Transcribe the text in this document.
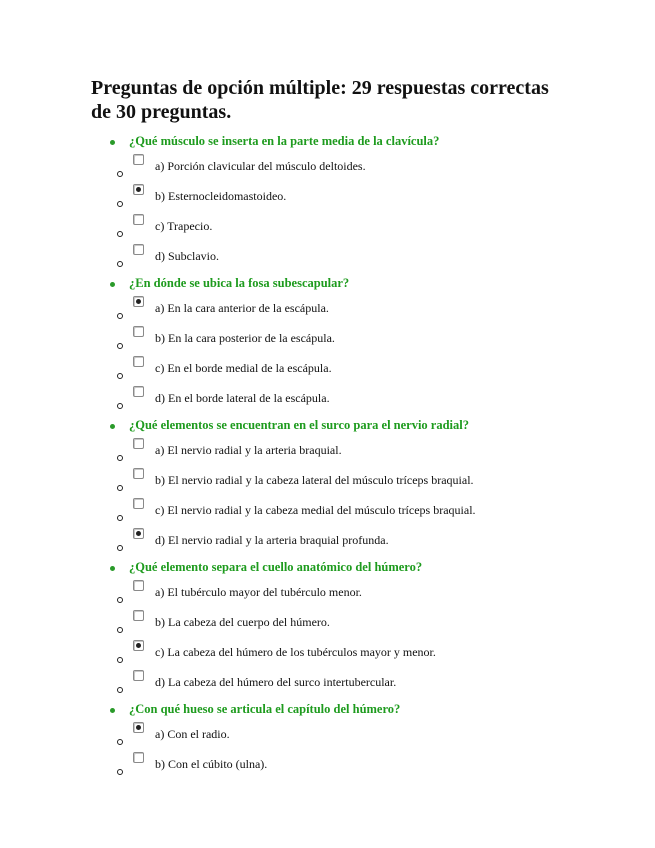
Preguntas de opción múltiple: 29 respuestas correctas de 30 preguntas.
¿Qué músculo se inserta en la parte media de la clavícula?
a) Porción clavicular del músculo deltoides.
b) Esternocleidomastoideo.
c) Trapecio.
d) Subclavio.
¿En dónde se ubica la fosa subescapular?
a) En la cara anterior de la escápula.
b) En la cara posterior de la escápula.
c) En el borde medial de la escápula.
d) En el borde lateral de la escápula.
¿Qué elementos se encuentran en el surco para el nervio radial?
a) El nervio radial y la arteria braquial.
b) El nervio radial y la cabeza lateral del músculo tríceps braquial.
c) El nervio radial y la cabeza medial del músculo tríceps braquial.
d) El nervio radial y la arteria braquial profunda.
¿Qué elemento separa el cuello anatómico del húmero?
a) El tubérculo mayor del tubérculo menor.
b) La cabeza del cuerpo del húmero.
c) La cabeza del húmero de los tubérculos mayor y menor.
d) La cabeza del húmero del surco intertubercular.
¿Con qué hueso se articula el capítulo del húmero?
a) Con el radio.
b) Con el cúbito (ulna).
